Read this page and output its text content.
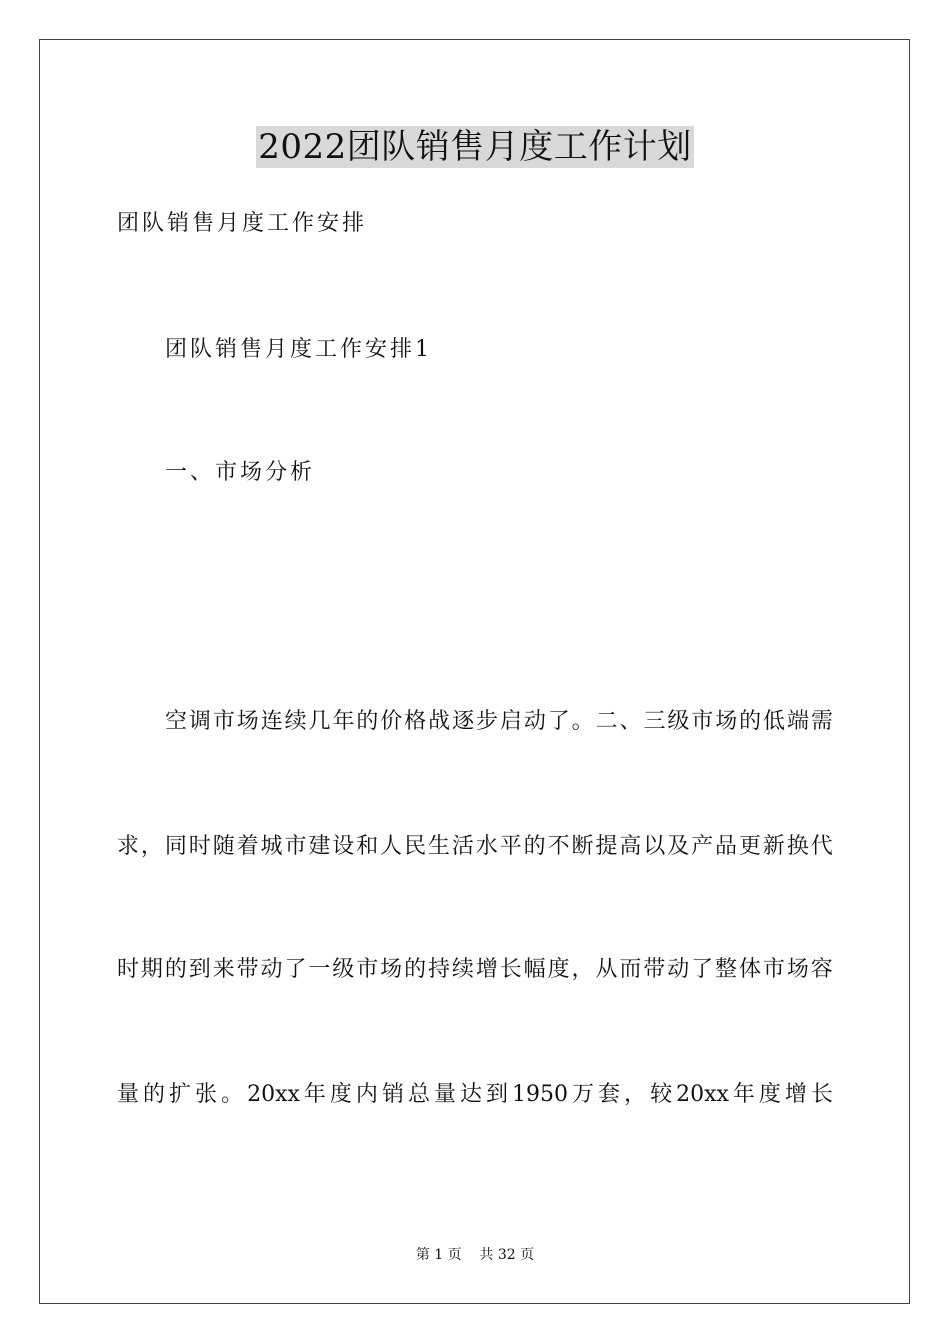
2022团队销售月度工作计划

团队销售月度工作安排

团队销售月度工作安排1

一、市场分析

空 调 市 场 连 续 几 年 的 价 格 战 逐 步 启 动 了 。 二 、 三 级 市 场 的 低 端 需

求 ， 同 时 随 着 城 市 建 设 和 人 民 生 活 水 平 的 不 断 提 高 以 及 产 品 更 新 换 代

时 期 的 到 来 带 动 了 一 级 市 场 的 持 续 增 长 幅 度 ， 从 而 带 动 了 整 体 市 场 容

量 的 扩 张 。 20xx 年 度 内 销 总 量 达 到 1950 万 套 ， 较 20xx 年 度 增 长

第 1 页    共 32 页
